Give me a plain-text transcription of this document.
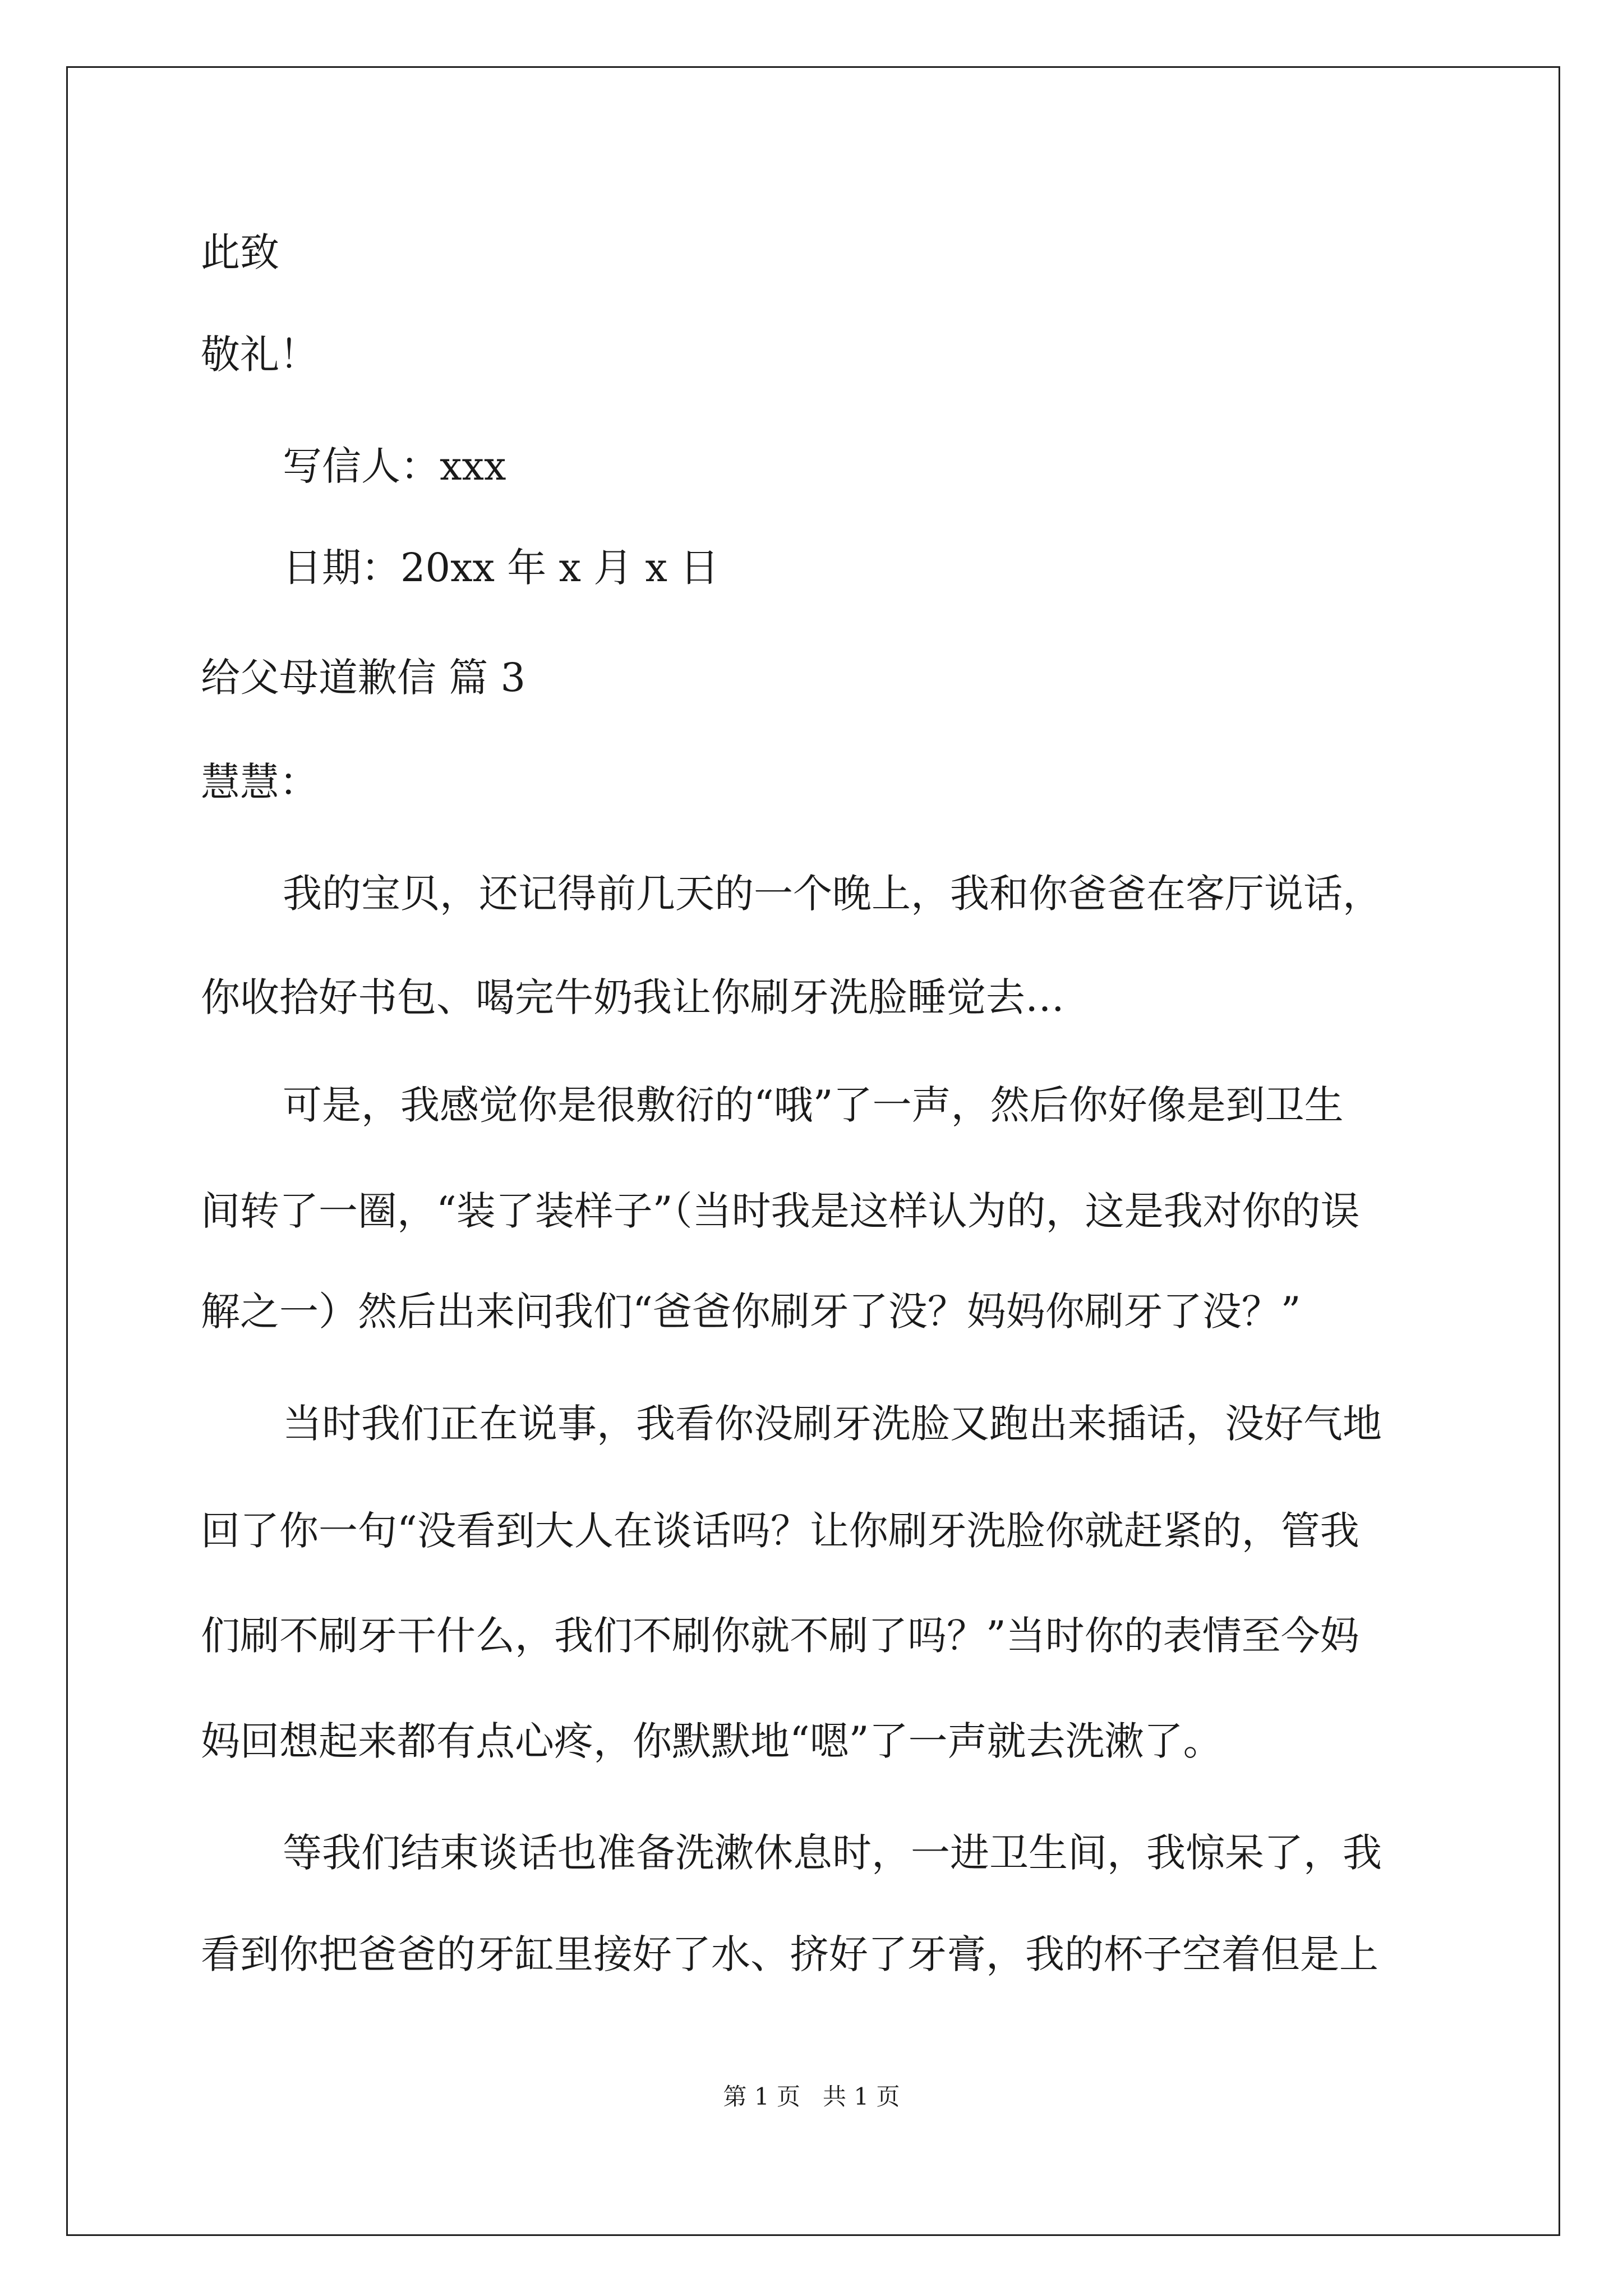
此致
敬礼！
写信人：xxx
日期：20xx 年 x 月 x 日
给父母道歉信 篇 3
慧慧：
我的宝贝，还记得前几天的一个晚上，我和你爸爸在客厅说话，
你收拾好书包、喝完牛奶我让你刷牙洗脸睡觉去…
可是，我感觉你是很敷衍的“哦”了一声，然后你好像是到卫生
间转了一圈，“装了装样子”（当时我是这样认为的，这是我对你的误
解之一）然后出来问我们“爸爸你刷牙了没？妈妈你刷牙了没？”
当时我们正在说事，我看你没刷牙洗脸又跑出来插话，没好气地
回了你一句“没看到大人在谈话吗？让你刷牙洗脸你就赶紧的，管我
们刷不刷牙干什么，我们不刷你就不刷了吗？”当时你的表情至今妈
妈回想起来都有点心疼，你默默地“嗯”了一声就去洗漱了。
等我们结束谈话也准备洗漱休息时，一进卫生间，我惊呆了，我
看到你把爸爸的牙缸里接好了水、挤好了牙膏，我的杯子空着但是上
第 1 页   共 1 页
